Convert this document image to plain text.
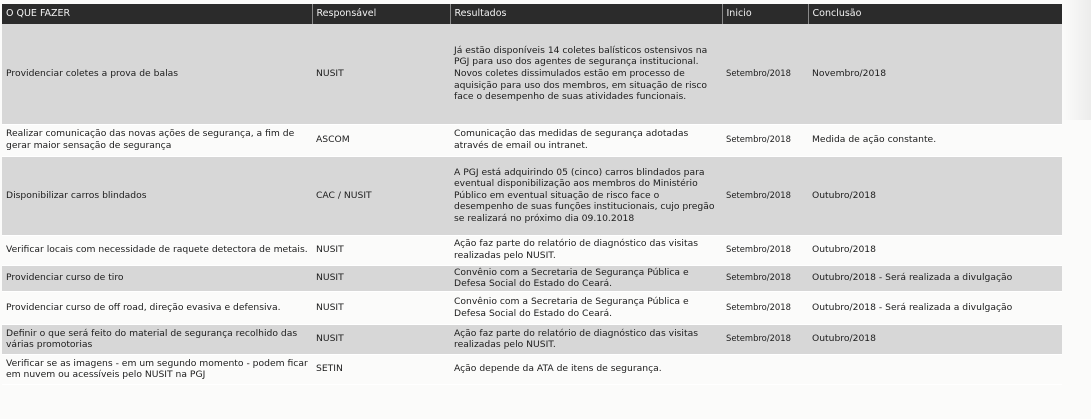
O QUE FAZER	Responsável	Resultados	Inicio	Conclusão
Providenciar coletes a prova de balas	NUSIT	Já estão disponíveis 14 coletes balísticos ostensivos na PGJ para uso dos agentes de segurança institucional. Novos coletes dissimulados estão em processo de aquisição para uso dos membros, em situação de risco face o desempenho de suas atividades funcionais.	Setembro/2018	Novembro/2018
Realizar comunicação das novas ações de segurança, a fim de gerar maior sensação de segurança	ASCOM	Comunicação das medidas de segurança adotadas através de email ou intranet.	Setembro/2018	Medida de ação constante.
Disponibilizar carros blindados	CAC / NUSIT	A PGJ está adquirindo 05 (cinco) carros blindados para eventual disponibilização aos membros do Ministério Público em eventual situação de risco face o desempenho de suas funções institucionais, cujo pregão se realizará no próximo dia 09.10.2018	Setembro/2018	Outubro/2018
Verificar locais com necessidade de raquete detectora de metais.	NUSIT	Ação faz parte do relatório de diagnóstico das visitas realizadas pelo NUSIT.	Setembro/2018	Outubro/2018
Providenciar curso de tiro	NUSIT	Convênio com a Secretaria de Segurança Pública e Defesa Social do Estado do Ceará.	Setembro/2018	Outubro/2018 - Será realizada a divulgação
Providenciar curso de off road, direção evasiva e defensiva.	NUSIT	Convênio com a Secretaria de Segurança Pública e Defesa Social do Estado do Ceará.	Setembro/2018	Outubro/2018 - Será realizada a divulgação
Definir o que será feito do material de segurança recolhido das várias promotorias	NUSIT	Ação faz parte do relatório de diagnóstico das visitas realizadas pelo NUSIT.	Setembro/2018	Outubro/2018
Verificar se as imagens - em um segundo momento - podem ficar em nuvem ou acessíveis pelo NUSIT na PGJ	SETIN	Ação depende da ATA de itens de segurança.		
